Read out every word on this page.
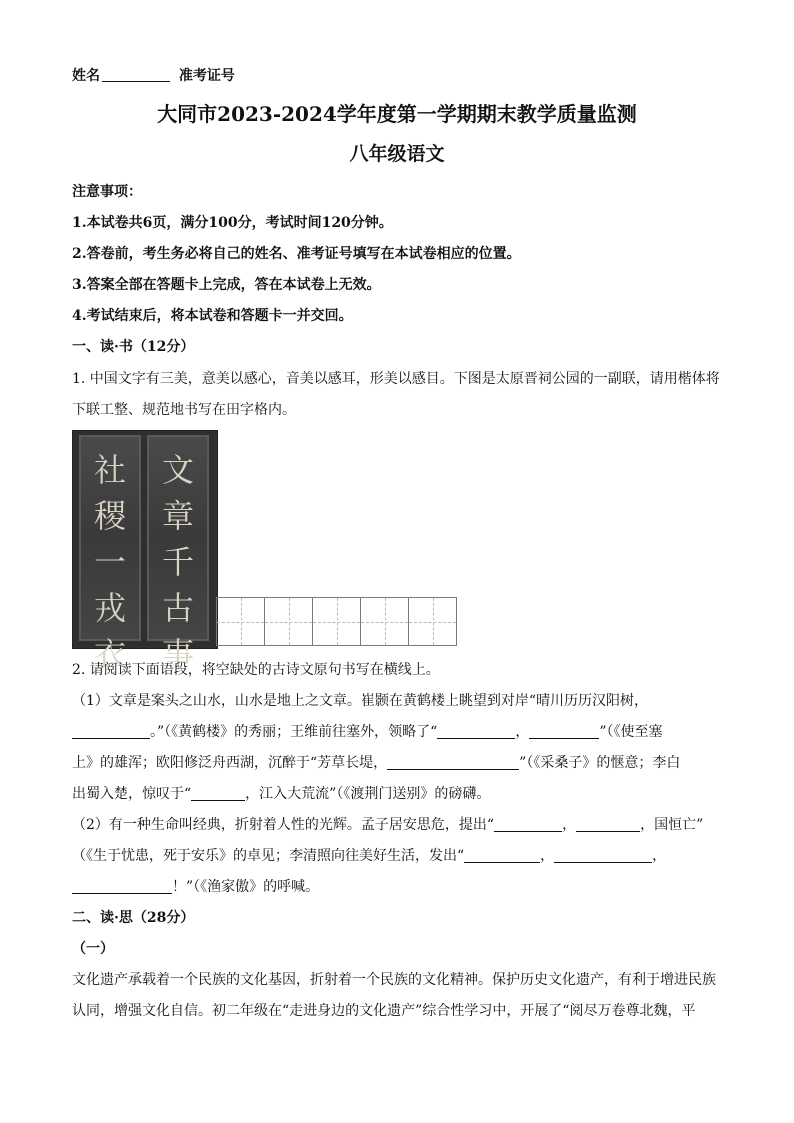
姓名	准考证号
大同市2023-2024学年度第一学期期末教学质量监测
八年级语文
注意事项：
1.本试卷共6页，满分100分，考试时间120分钟。
2.答卷前，考生务必将自己的姓名、准考证号填写在本试卷相应的位置。
3.答案全部在答题卡上完成，答在本试卷上无效。
4.考试结束后，将本试卷和答题卡一并交回。
一、读·书（12分）
1. 中国文字有三美，意美以感心，音美以感耳，形美以感目。下图是太原晋祠公园的一副联，请用楷体将
下联工整、规范地书写在田字格内。
社
稷
一
戎
衣
文
章
千
古
事
2. 请阅读下面语段，将空缺处的古诗文原句书写在横线上。
（1）文章是案头之山水，山水是地上之文章。崔颢在黄鹤楼上眺望到对岸“晴川历历汉阳树，
。”（《黄鹤楼》的秀丽；王维前往塞外，领略了“	，	”（《使至塞
上》的雄浑；欧阳修泛舟西湖，沉醉于“芳草长堤，	”（《采桑子》的惬意；李白
出蜀入楚，惊叹于“	，江入大荒流”（《渡荆门送别》的磅礴。
（2）有一种生命叫经典，折射着人性的光辉。孟子居安思危，提出“	，	，国恒亡”
（《生于忧患，死于安乐》的卓见；李清照向往美好生活，发出“	，	，
！”（《渔家傲》的呼喊。
二、读·思（28分）
（一）
文化遗产承载着一个民族的文化基因，折射着一个民族的文化精神。保护历史文化遗产，有利于增进民族
认同，增强文化自信。初二年级在“走进身边的文化遗产”综合性学习中，开展了“阅尽万卷尊北魏，平
